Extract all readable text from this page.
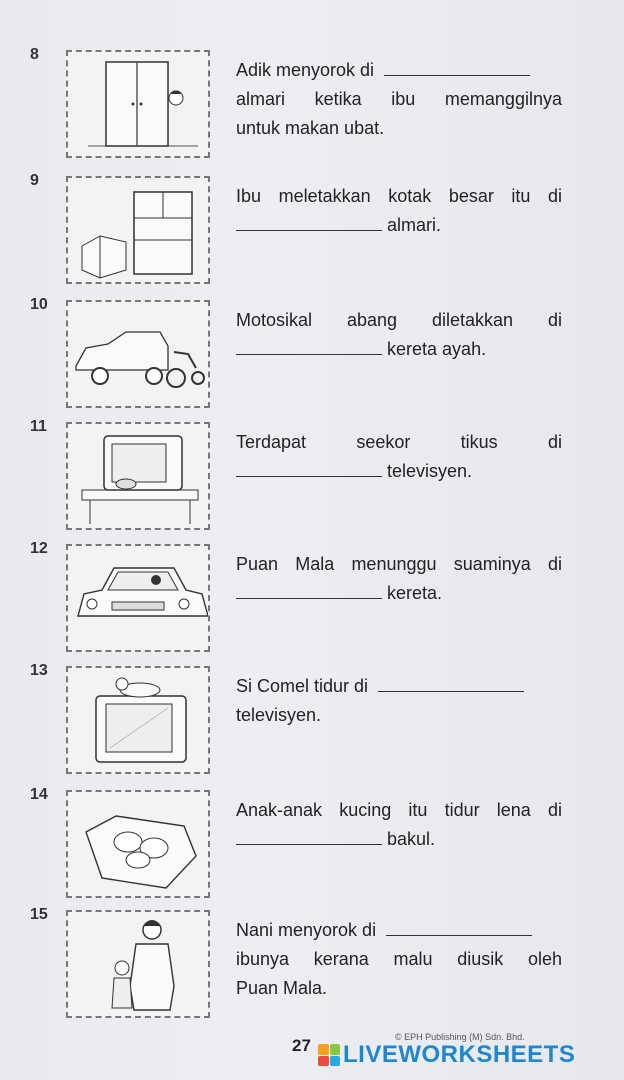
8
Adik menyorok di
almari ketika ibu memanggilnya
untuk makan ubat.
9
Ibu meletakkan kotak besar itu di
almari.
10
Motosikal abang diletakkan di
kereta ayah.
11
Terdapat	seekor	tikus	di
televisyen.
12
Puan Mala menunggu suaminya di
kereta.
13
Si Comel tidur di
televisyen.
14
Anak-anak kucing itu tidur lena di
bakul.
15
Nani menyorok di
ibunya kerana malu diusik oleh
Puan Mala.
© EPH Publishing (M) Sdn. Bhd.
27 LIVEWORKSHEETS
